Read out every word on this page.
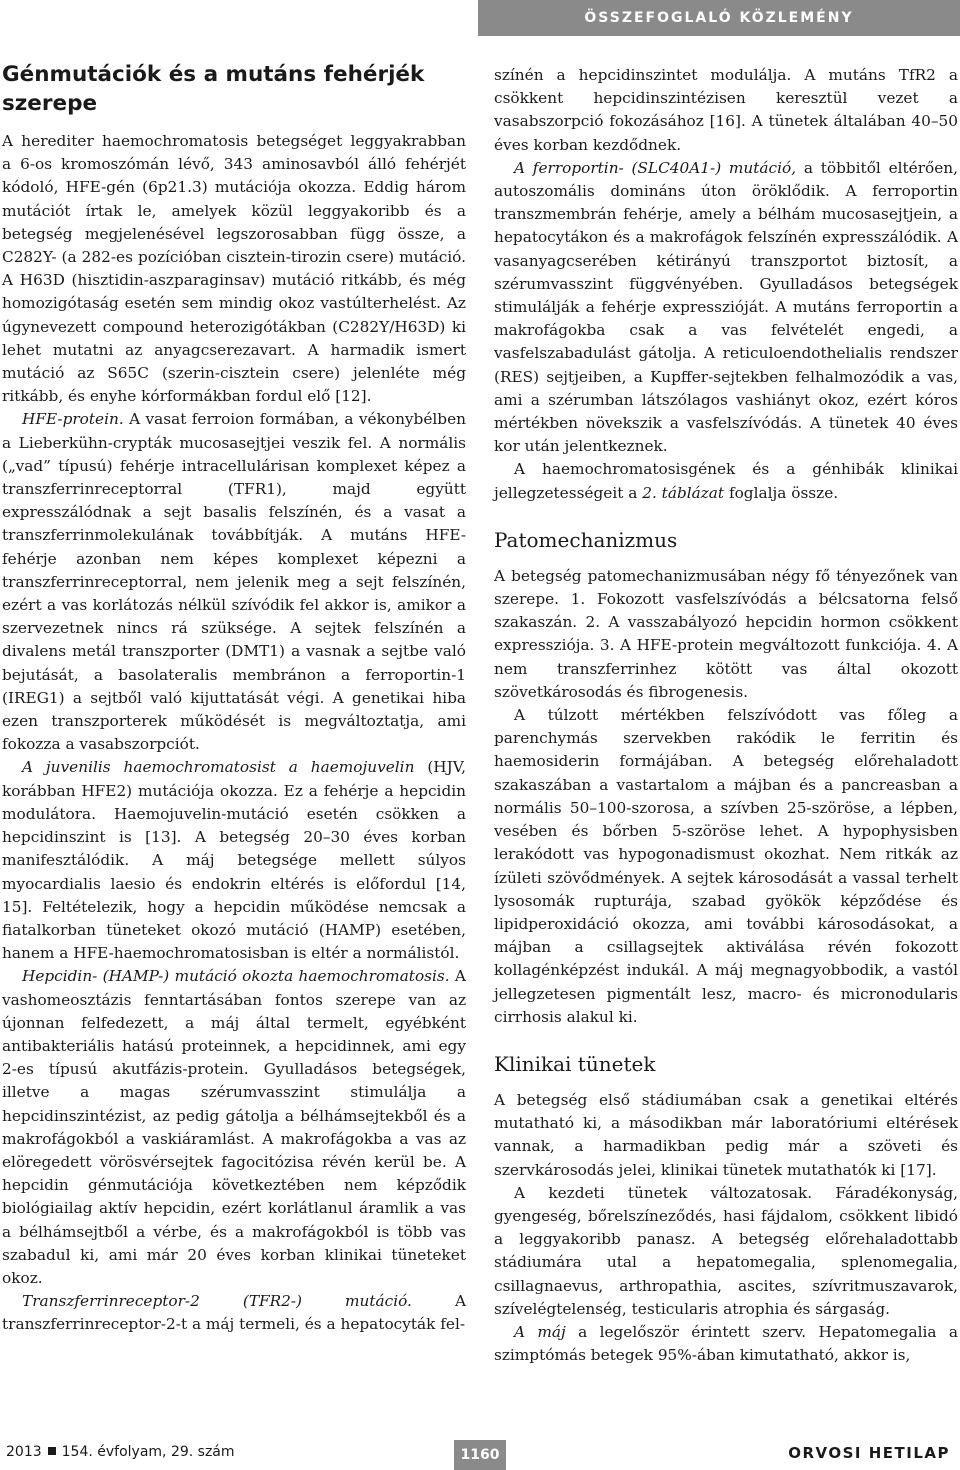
ÖSSZEFOGLALÓ KÖZLEMÉNY
Génmutációk és a mutáns fehérjék szerepe

A herediter haemochromatosis betegséget leggyakrabban a 6-os kromoszómán lévő, 343 aminosavból álló fehérjét kódoló, HFE-gén (6p21.3) mutációja okozza. Eddig három mutációt írtak le, amelyek közül leggyakoribb és a betegség megjelenésével legszorosabban függ össze, a C282Y- (a 282-es pozícióban cisztein-tirozin csere) mutáció. A H63D (hisztidin-aszparaginsav) mutáció ritkább, és még homozigótaság esetén sem mindig okoz vastúlterhelést. Az úgynevezett compound heterozigótákban (C282Y/H63D) ki lehet mutatni az anyagcserezavart. A harmadik ismert mutáció az S65C (szerin-cisztein csere) jelenléte még ritkább, és enyhe kórformákban fordul elő [12].

HFE-protein. A vasat ferroion formában, a vékonybélben a Lieberkühn-crypták mucosasejtjei veszik fel. A normális („vad” típusú) fehérje intracellulárisan komplexet képez a transzferrinreceptorral (TFR1), majd együtt expresszálódnak a sejt basalis felszínén, és a vasat a transzferrinmolekulának továbbítják. A mutáns HFE-fehérje azonban nem képes komplexet képezni a transzferrinreceptorral, nem jelenik meg a sejt felszínén, ezért a vas korlátozás nélkül szívódik fel akkor is, amikor a szervezetnek nincs rá szüksége. A sejtek felszínén a divalens metál transzporter (DMT1) a vasnak a sejtbe való bejutását, a basolateralis membránon a ferroportin-1 (IREG1) a sejtből való kijuttatását végi. A genetikai hiba ezen transzporterek működését is megváltoztatja, ami fokozza a vasabszorpciót.

A juvenilis haemochromatosist a haemojuvelin (HJV, korábban HFE2) mutációja okozza. Ez a fehérje a hepcidin modulátora. Haemojuvelin-mutáció esetén csökken a hepcidinszint is [13]. A betegség 20–30 éves korban manifesztálódik. A máj betegsége mellett súlyos myocardialis laesio és endokrin eltérés is előfordul [14, 15]. Feltételezik, hogy a hepcidin működése nemcsak a fiatalkorban tüneteket okozó mutáció (HAMP) esetében, hanem a HFE-haemochromatosisban is eltér a normálistól.

Hepcidin- (HAMP-) mutáció okozta haemochromatosis. A vashomeosztázis fenntartásában fontos szerepe van az újonnan felfedezett, a máj által termelt, egyébként antibakteriális hatású proteinnek, a hepcidinnek, ami egy 2-es típusú akutfázis-protein. Gyulladásos betegségek, illetve a magas szérumvasszint stimulálja a hepcidinszintézist, az pedig gátolja a bélhámsejtekből és a makrofágokból a vaskiáramlást. A makrofágokba a vas az elöregedett vörösvérsejtek fagocitózisa révén kerül be. A hepcidin génmutációja következtében nem képződik biológiailag aktív hepcidin, ezért korlátlanul áramlik a vas a bélhámsejtből a vérbe, és a makrofágokból is több vas szabadul ki, ami már 20 éves korban klinikai tüneteket okoz.

Transzferrinreceptor-2 (TFR2-) mutáció. A transzferrinreceptor-2-t a máj termeli, és a hepatocyták fel-

színén a hepcidinszintet modulálja. A mutáns TfR2 a csökkent hepcidinszintézisen keresztül vezet a vasabszorpció fokozásához [16]. A tünetek általában 40–50 éves korban kezdődnek.

A ferroportin- (SLC40A1-) mutáció, a többitől eltérően, autoszomális domináns úton öröklődik. A ferroportin transzmembrán fehérje, amely a bélhám mucosasejtjein, a hepatocytákon és a makrofágok felszínén expresszálódik. A vasanyagcserében kétirányú transzportot biztosít, a szérumvasszint függvényében. Gyulladásos betegségek stimulálják a fehérje expresszióját. A mutáns ferroportin a makrofágokba csak a vas felvételét engedi, a vasfelszabadulást gátolja. A reticuloendothelialis rendszer (RES) sejtjeiben, a Kupffer-sejtekben felhalmozódik a vas, ami a szérumban látszólagos vashiányt okoz, ezért kóros mértékben növekszik a vasfelszívódás. A tünetek 40 éves kor után jelentkeznek.

A haemochromatosisgének és a génhibák klinikai jellegzetességeit a 2. táblázat foglalja össze.

Patomechanizmus

A betegség patomechanizmusában négy fő tényezőnek van szerepe. 1. Fokozott vasfelszívódás a bélcsatorna felső szakaszán. 2. A vasszabályozó hepcidin hormon csökkent expressziója. 3. A HFE-protein megváltozott funkciója. 4. A nem transzferrinhez kötött vas által okozott szövetkárosodás és fibrogenesis.

A túlzott mértékben felszívódott vas főleg a parenchymás szervekben rakódik le ferritin és haemosiderin formájában. A betegség előrehaladott szakaszában a vastartalom a májban és a pancreasban a normális 50–100-szorosa, a szívben 25-szöröse, a lépben, vesében és bőrben 5-szöröse lehet. A hypophysisben lerakódott vas hypogonadismust okozhat. Nem ritkák az ízületi szövődmények. A sejtek károsodását a vassal terhelt lysosomák rupturája, szabad gyökök képződése és lipidperoxidáció okozza, ami további károsodásokat, a májban a csillagsejtek aktiválása révén fokozott kollagénképzést indukál. A máj megnagyobbodik, a vastól jellegzetesen pigmentált lesz, macro- és micronodularis cirrhosis alakul ki.

Klinikai tünetek

A betegség első stádiumában csak a genetikai eltérés mutatható ki, a másodikban már laboratóriumi eltérések vannak, a harmadikban pedig már a szöveti és szervkárosodás jelei, klinikai tünetek mutathatók ki [17].

A kezdeti tünetek változatosak. Fáradékonyság, gyengeség, bőrelszíneződés, hasi fájdalom, csökkent libidó a leggyakoribb panasz. A betegség előrehaladottabb stádiumára utal a hepatomegalia, splenomegalia, csillagnaevus, arthropathia, ascites, szívritmuszavarok, szívelégtelenség, testicularis atrophia és sárgaság.

A máj a legelőször érintett szerv. Hepatomegalia a szimptómás betegek 95%-ában kimutatható, akkor is,

2013 154. évfolyam, 29. szám	1160	ORVOSI HETILAP
